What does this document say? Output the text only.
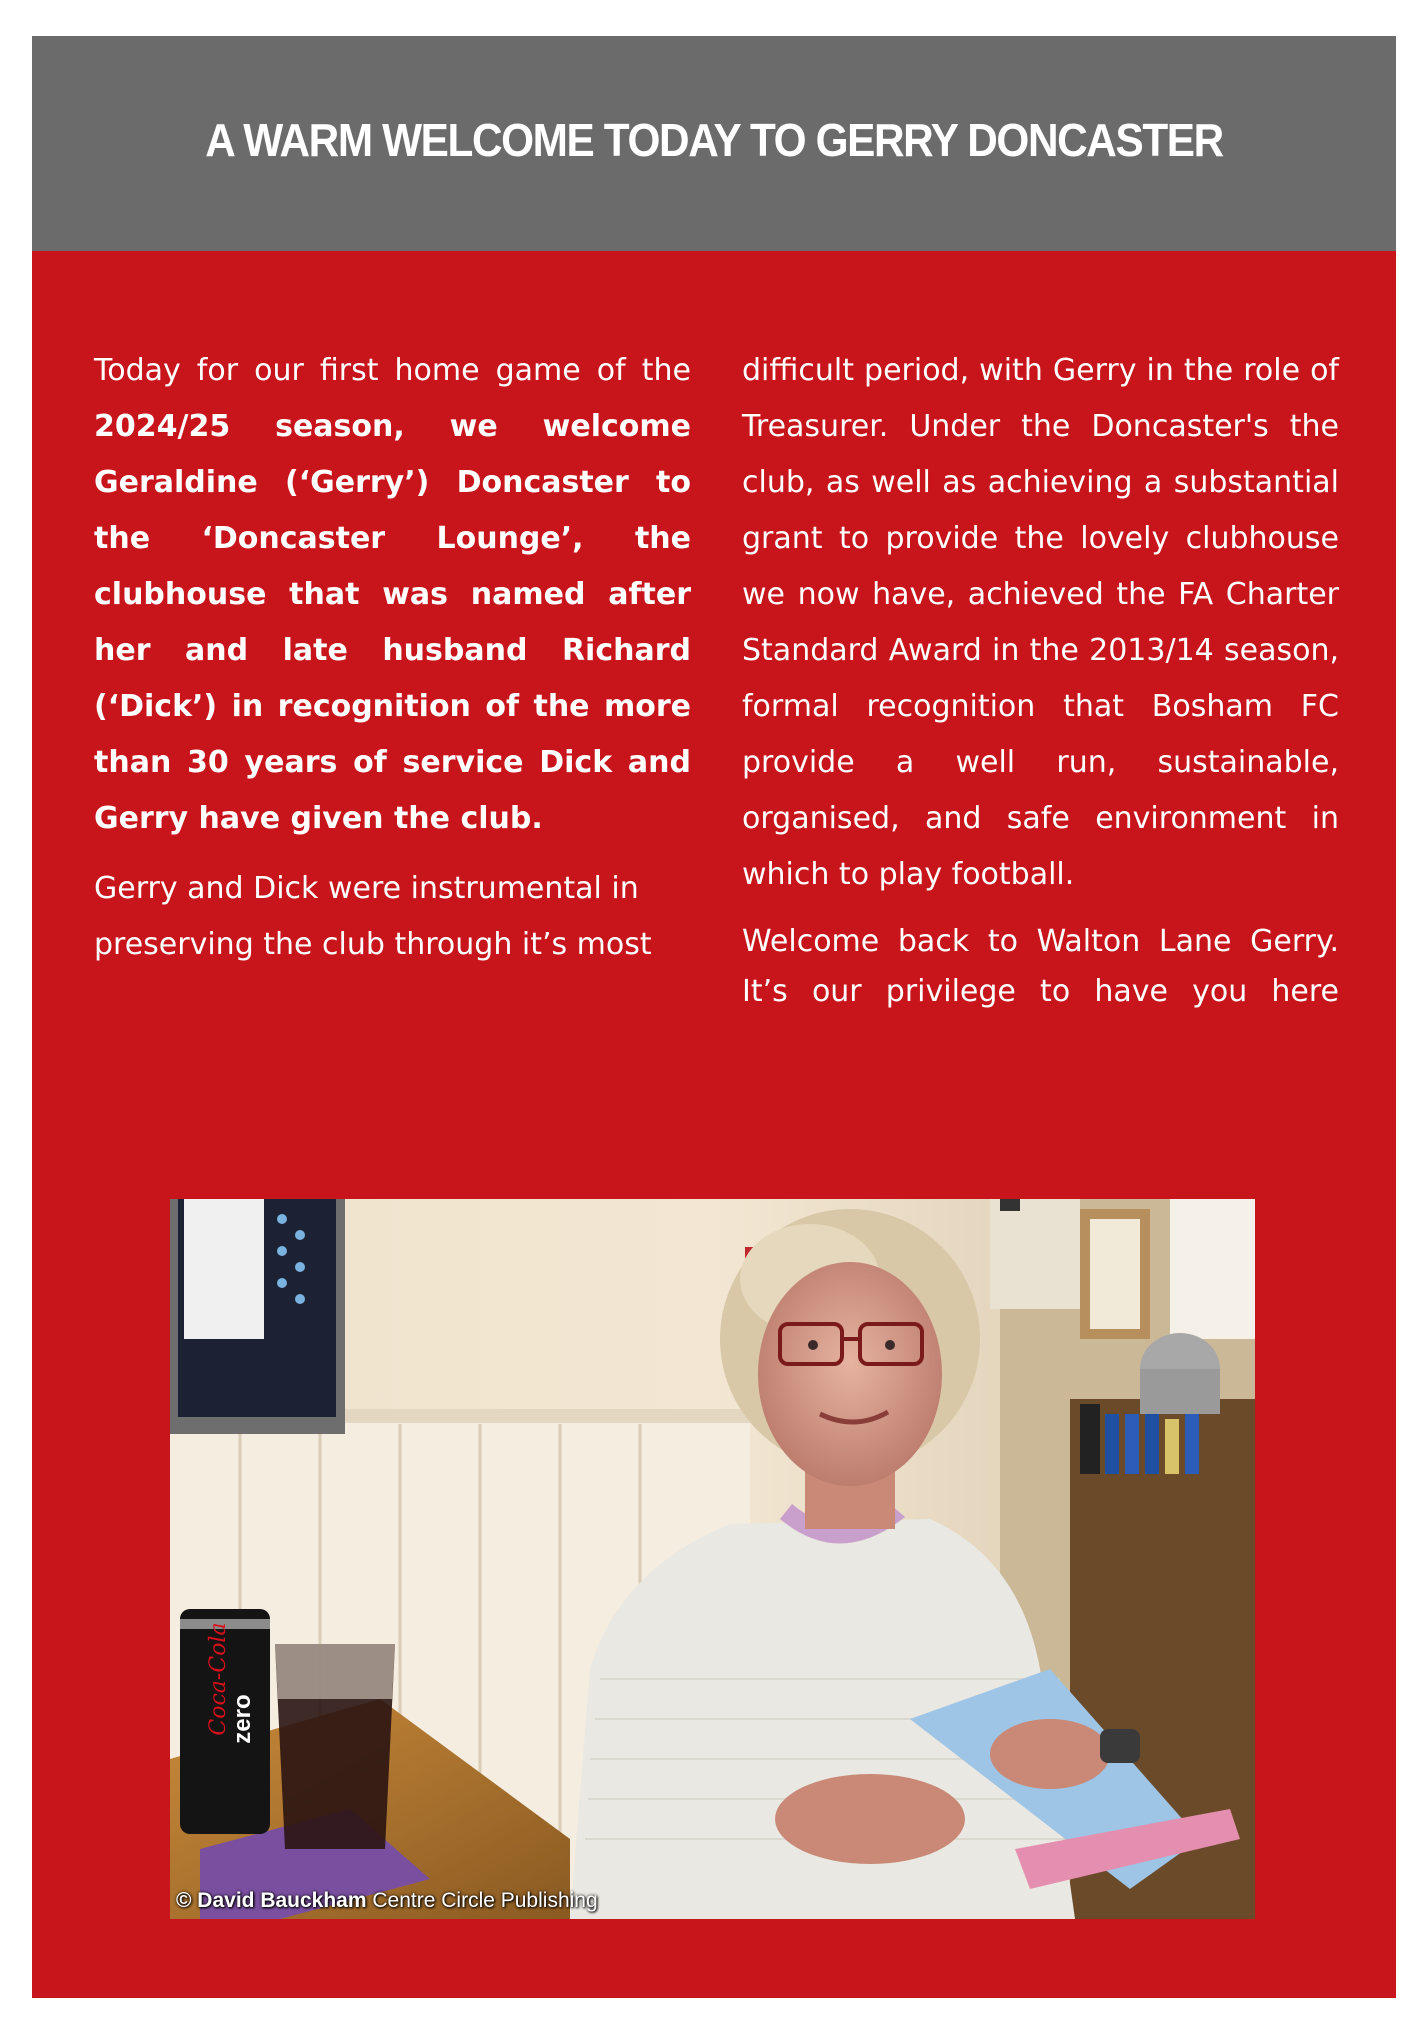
A WARM WELCOME TODAY TO GERRY DONCASTER

Today for our first home game of the 2024/25 season, we welcome Geraldine (‘Gerry’) Doncaster to the ‘Doncaster Lounge’, the clubhouse that was named after her and late husband Richard (‘Dick’) in recognition of the more than 30 years of service Dick and Gerry have given the club.

Gerry and Dick were instrumental in preserving the club through it’s most

difficult period, with Gerry in the role of Treasurer. Under the Doncaster's the club, as well as achieving a substantial grant to provide the lovely clubhouse we now have, achieved the FA Charter Standard Award in the 2013/14 season, formal recognition that Bosham FC provide a well run, sustainable, organised, and safe environment in which to play football.

Welcome back to Walton Lane Gerry. It’s our privilege to have you here

Coca-Cola
zero
© David Bauckham Centre Circle Publishing
